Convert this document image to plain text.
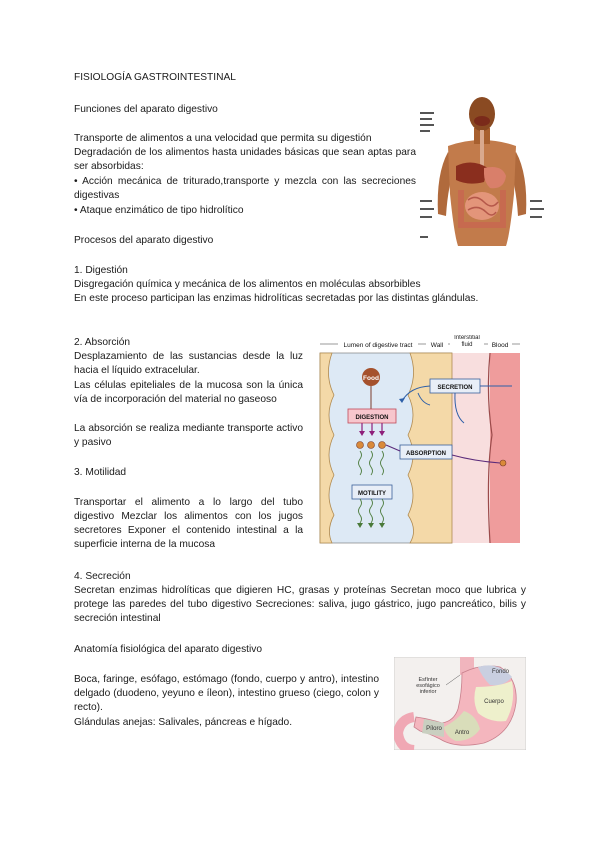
FISIOLOGÍA GASTROINTESTINAL

Funciones del aparato digestivo

Transporte de alimentos a una velocidad que permita su digestión

Degradación de los alimentos hasta unidades básicas que sean aptas para ser absorbidas:

• Acción mecánica de triturado,transporte y mezcla con las secreciones digestivas

• Ataque enzimático de tipo hidrolítico

Procesos del aparato digestivo

1. Digestión

Disgregación química y mecánica de los alimentos en moléculas absorbibles

En este proceso participan las enzimas hidrolíticas secretadas por las distintas glándulas.

2. Absorción

Desplazamiento de las sustancias desde la luz hacia el líquido extracelular.

Las células epiteliales de la mucosa son la única vía de incorporación del material no gaseoso

La absorción se realiza mediante transporte activo y pasivo

3. Motilidad

Transportar el alimento a lo largo del tubo digestivo Mezclar los alimentos con los jugos secretores Exponer el contenido intestinal a la superficie interna de la mucosa

4. Secreción

Secretan enzimas hidrolíticas que digieren HC, grasas y proteínas Secretan moco que lubrica y protege las paredes del tubo digestivo Secreciones: saliva, jugo gástrico, jugo pancreático, bilis y secreción intestinal

Anatomía fisiológica del aparato digestivo

Boca, faringe, esófago, estómago (fondo, cuerpo y antro), intestino delgado (duodeno, yeyuno e íleon), intestino grueso (ciego, colon y recto).

Glándulas anejas: Salivales, páncreas e hígado.

Lumen of digestive tract	Wall
Interstitial fluid	Blood
Food
DIGESTION
SECRETION
ABSORPTION
MOTILITY
Fondo
Cuerpo
Píloro
Antro
Esfínter esofágico inferior
